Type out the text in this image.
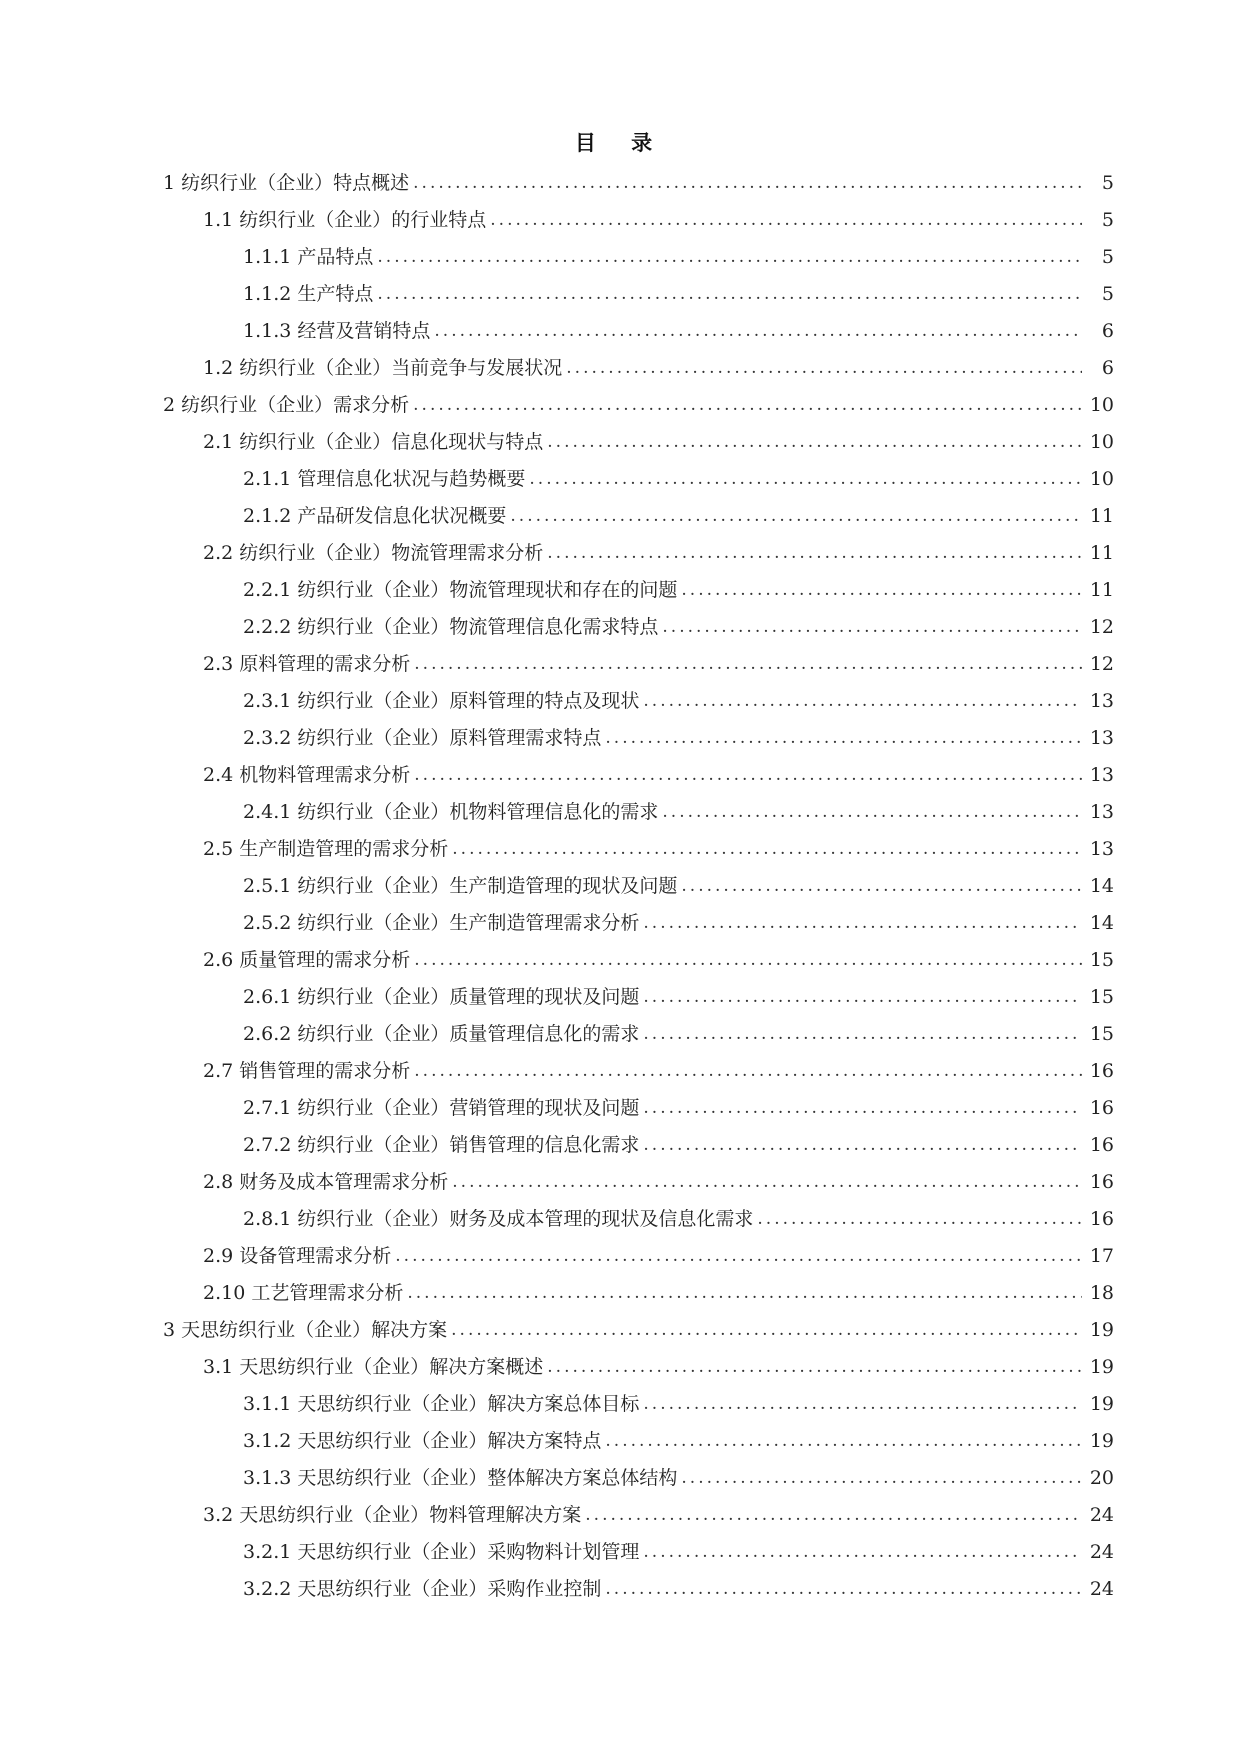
目 录
1 纺织行业（企业）特点概述 .....	5
1.1 纺织行业（企业）的行业特点 .....	5
1.1.1 产品特点 .....	5
1.1.2 生产特点 .....	5
1.1.3 经营及营销特点 .....	6
1.2 纺织行业（企业）当前竞争与发展状况 .....	6
2 纺织行业（企业）需求分析 .....	10
2.1 纺织行业（企业）信息化现状与特点 .....	10
2.1.1 管理信息化状况与趋势概要 .....	10
2.1.2 产品研发信息化状况概要 .....	11
2.2 纺织行业（企业）物流管理需求分析 .....	11
2.2.1 纺织行业（企业）物流管理现状和存在的问题 .....	11
2.2.2 纺织行业（企业）物流管理信息化需求特点 .....	12
2.3 原料管理的需求分析 .....	12
2.3.1 纺织行业（企业）原料管理的特点及现状 .....	13
2.3.2 纺织行业（企业）原料管理需求特点 .....	13
2.4 机物料管理需求分析 .....	13
2.4.1 纺织行业（企业）机物料管理信息化的需求 .....	13
2.5 生产制造管理的需求分析 .....	13
2.5.1 纺织行业（企业）生产制造管理的现状及问题 .....	14
2.5.2 纺织行业（企业）生产制造管理需求分析 .....	14
2.6 质量管理的需求分析 .....	15
2.6.1 纺织行业（企业）质量管理的现状及问题 .....	15
2.6.2 纺织行业（企业）质量管理信息化的需求 .....	15
2.7 销售管理的需求分析 .....	16
2.7.1 纺织行业（企业）营销管理的现状及问题 .....	16
2.7.2 纺织行业（企业）销售管理的信息化需求 .....	16
2.8 财务及成本管理需求分析 .....	16
2.8.1 纺织行业（企业）财务及成本管理的现状及信息化需求 .....	16
2.9 设备管理需求分析 .....	17
2.10 工艺管理需求分析 .....	18
3 天思纺织行业（企业）解决方案 .....	19
3.1 天思纺织行业（企业）解决方案概述 .....	19
3.1.1 天思纺织行业（企业）解决方案总体目标 .....	19
3.1.2 天思纺织行业（企业）解决方案特点 .....	19
3.1.3 天思纺织行业（企业）整体解决方案总体结构 .....	20
3.2 天思纺织行业（企业）物料管理解决方案 .....	24
3.2.1 天思纺织行业（企业）采购物料计划管理 .....	24
3.2.2 天思纺织行业（企业）采购作业控制 .....	24
